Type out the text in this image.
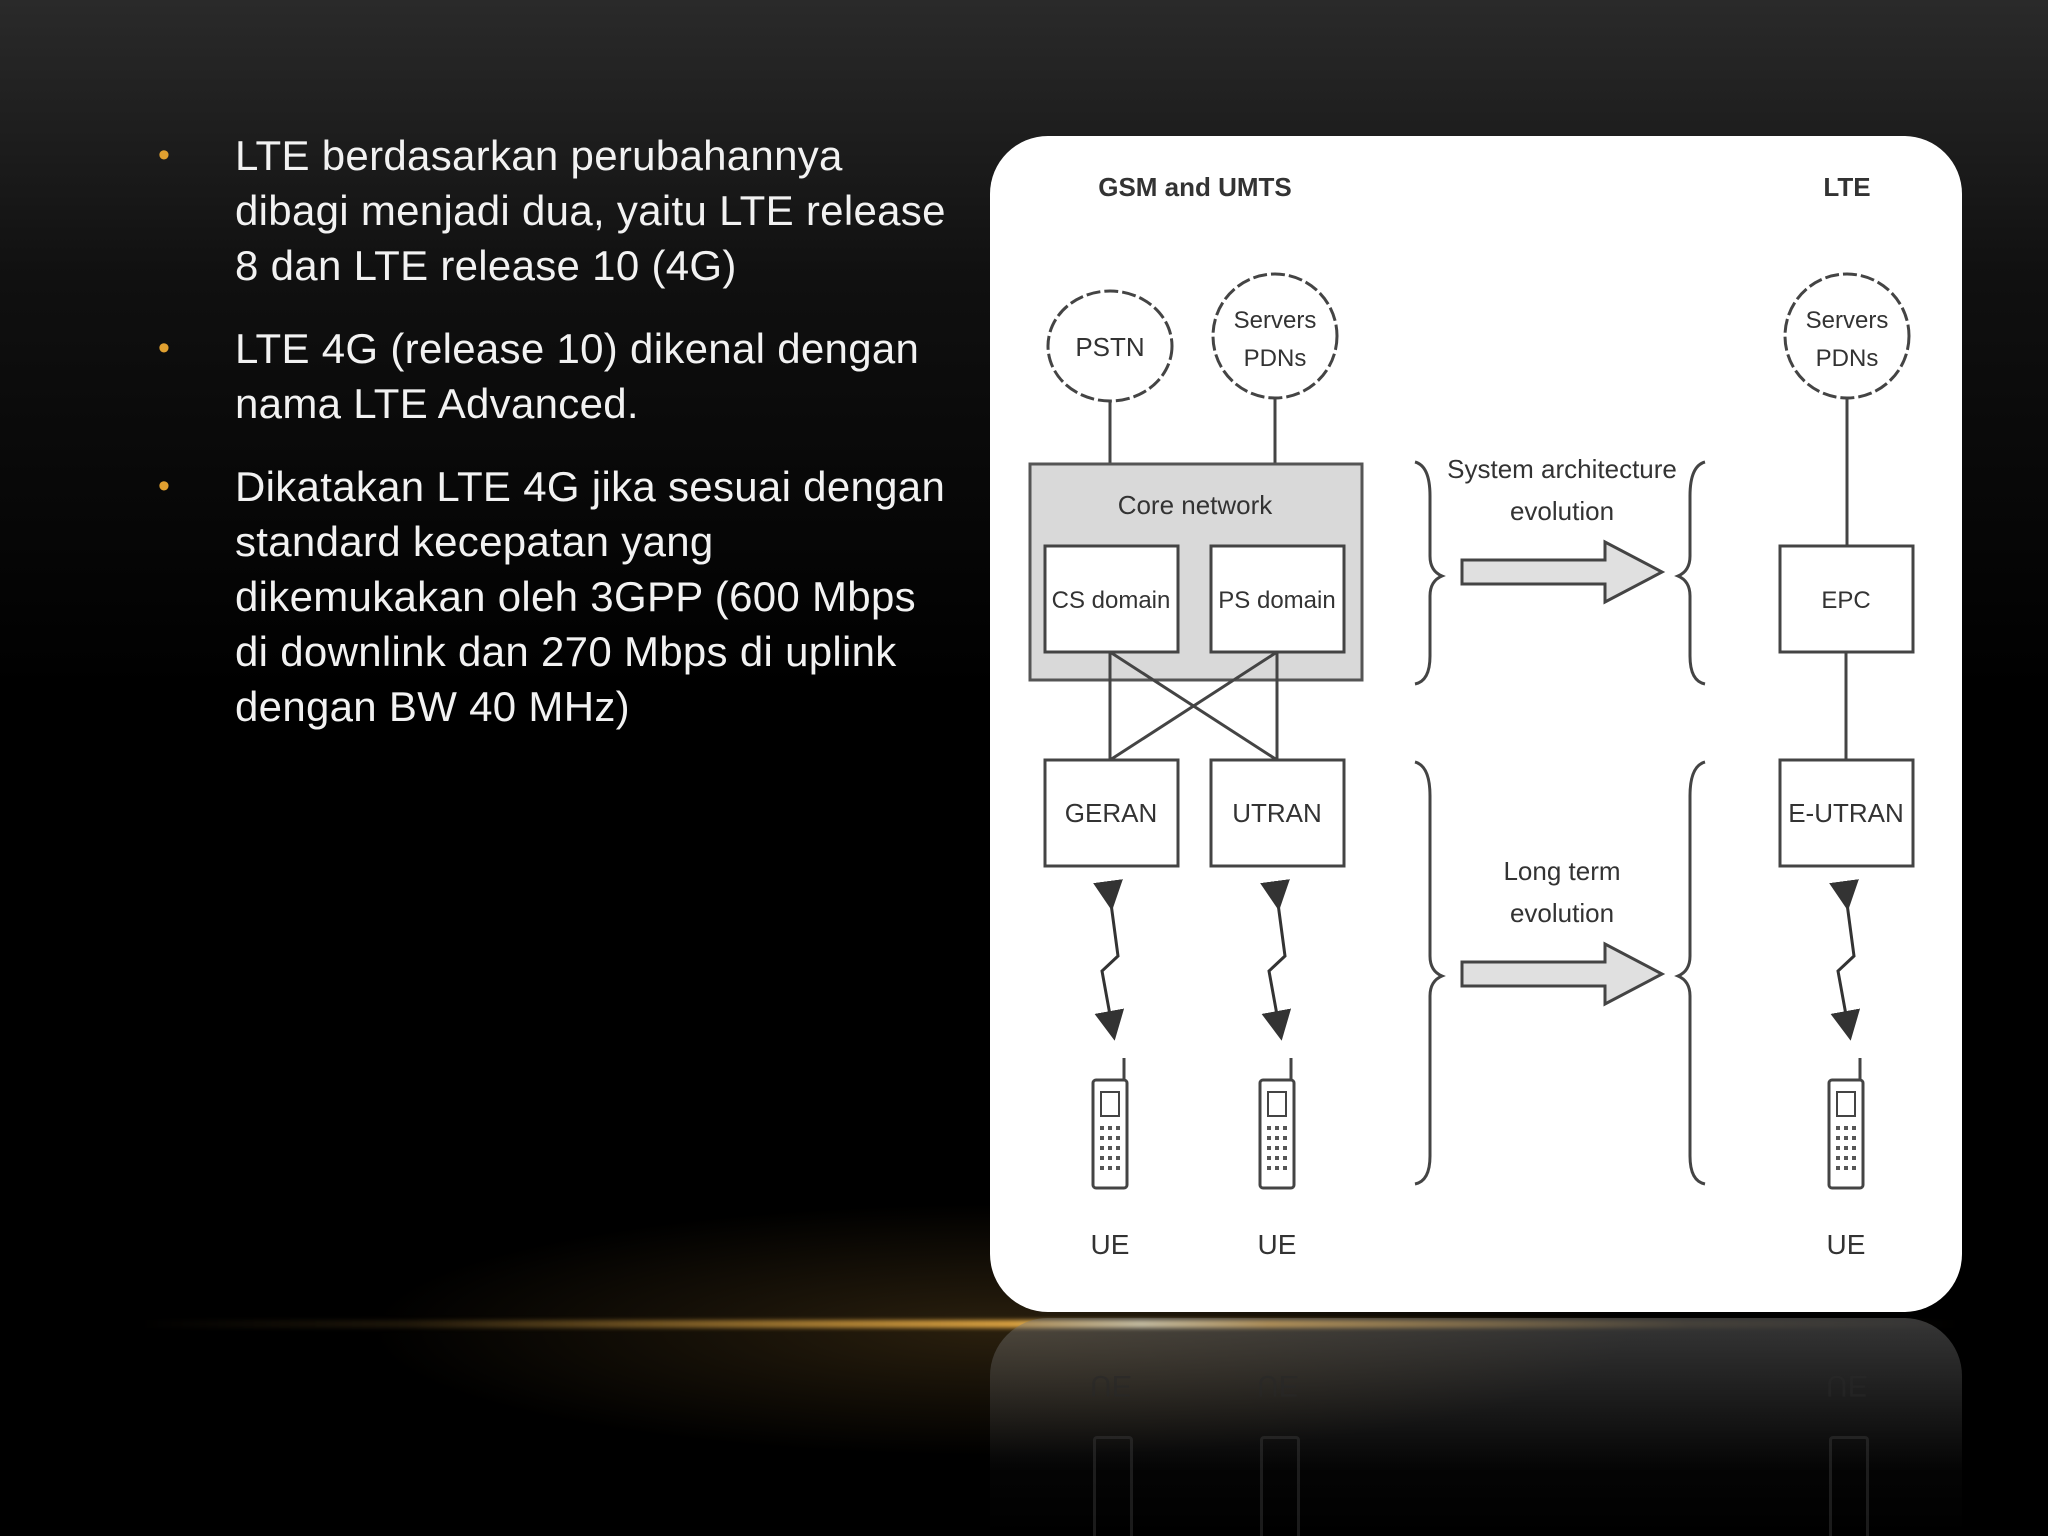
• LTE berdasarkan perubahannya dibagi menjadi dua, yaitu LTE release 8 dan LTE release 10 (4G)
• LTE 4G (release 10) dikenal dengan nama LTE Advanced.
• Dikatakan LTE 4G jika sesuai dengan standard kecepatan yang dikemukakan oleh 3GPP (600 Mbps di downlink dan 270 Mbps di uplink dengan BW 40 MHz)
GSM and UMTS	LTE
PSTN
Servers
PDNs
Servers
PDNs
Core network
CS domain PS domain	EPC
GERAN	UTRAN	E-UTRAN
System architecture
evolution
Long term
evolution
UE	UE	UE
UE	UE	UE
